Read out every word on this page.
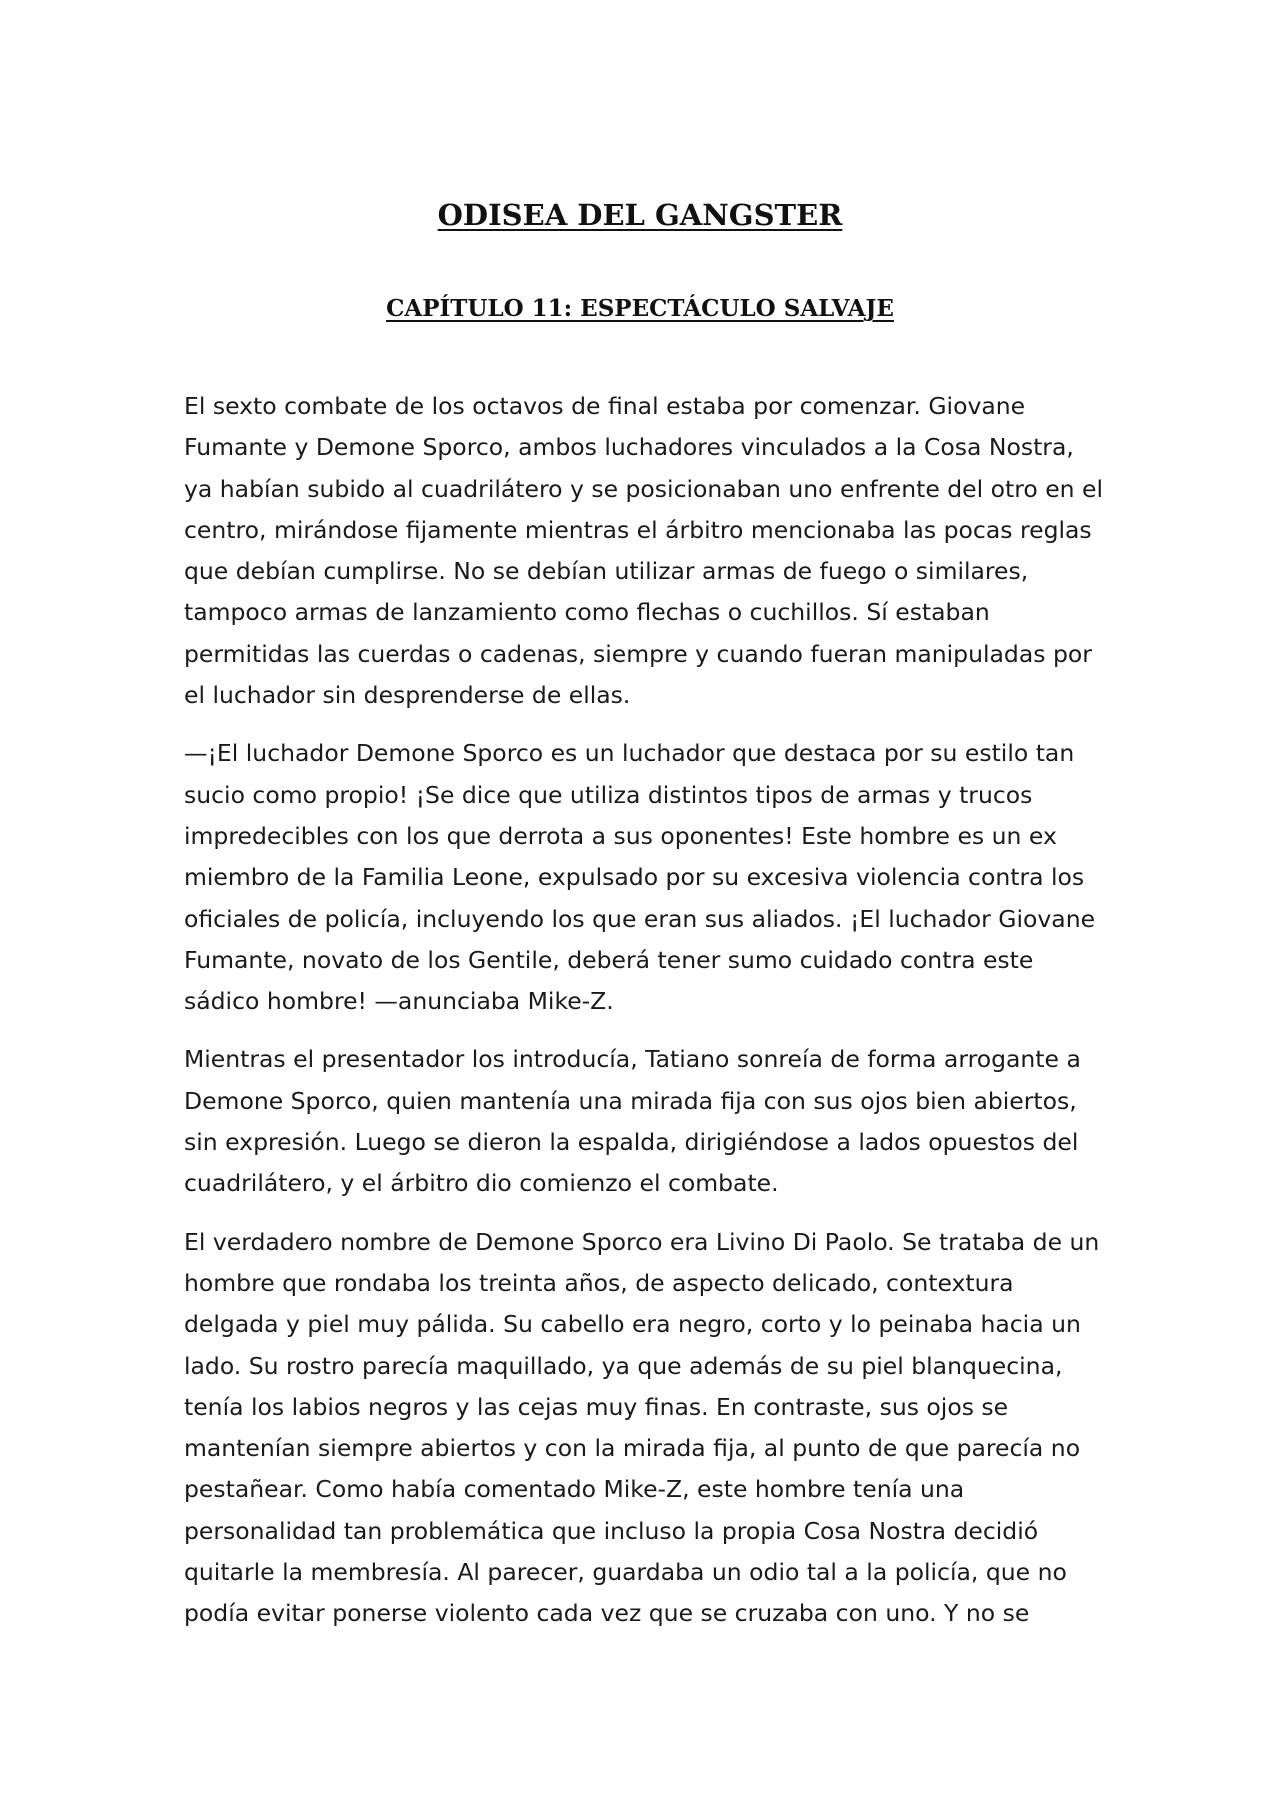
ODISEA DEL GANGSTER
CAPÍTULO 11: ESPECTÁCULO SALVAJE

El sexto combate de los octavos de final estaba por comenzar. Giovane Fumante y Demone Sporco, ambos luchadores vinculados a la Cosa Nostra, ya habían subido al cuadrilátero y se posicionaban uno enfrente del otro en el centro, mirándose fijamente mientras el árbitro mencionaba las pocas reglas que debían cumplirse. No se debían utilizar armas de fuego o similares, tampoco armas de lanzamiento como flechas o cuchillos. Sí estaban permitidas las cuerdas o cadenas, siempre y cuando fueran manipuladas por el luchador sin desprenderse de ellas.

—¡El luchador Demone Sporco es un luchador que destaca por su estilo tan sucio como propio! ¡Se dice que utiliza distintos tipos de armas y trucos impredecibles con los que derrota a sus oponentes! Este hombre es un ex miembro de la Familia Leone, expulsado por su excesiva violencia contra los oficiales de policía, incluyendo los que eran sus aliados. ¡El luchador Giovane Fumante, novato de los Gentile, deberá tener sumo cuidado contra este sádico hombre! —anunciaba Mike-Z.

Mientras el presentador los introducía, Tatiano sonreía de forma arrogante a Demone Sporco, quien mantenía una mirada fija con sus ojos bien abiertos, sin expresión. Luego se dieron la espalda, dirigiéndose a lados opuestos del cuadrilátero, y el árbitro dio comienzo el combate.

El verdadero nombre de Demone Sporco era Livino Di Paolo. Se trataba de un hombre que rondaba los treinta años, de aspecto delicado, contextura delgada y piel muy pálida. Su cabello era negro, corto y lo peinaba hacia un lado. Su rostro parecía maquillado, ya que además de su piel blanquecina, tenía los labios negros y las cejas muy finas. En contraste, sus ojos se mantenían siempre abiertos y con la mirada fija, al punto de que parecía no pestañear. Como había comentado Mike-Z, este hombre tenía una personalidad tan problemática que incluso la propia Cosa Nostra decidió quitarle la membresía. Al parecer, guardaba un odio tal a la policía, que no podía evitar ponerse violento cada vez que se cruzaba con uno. Y no se
